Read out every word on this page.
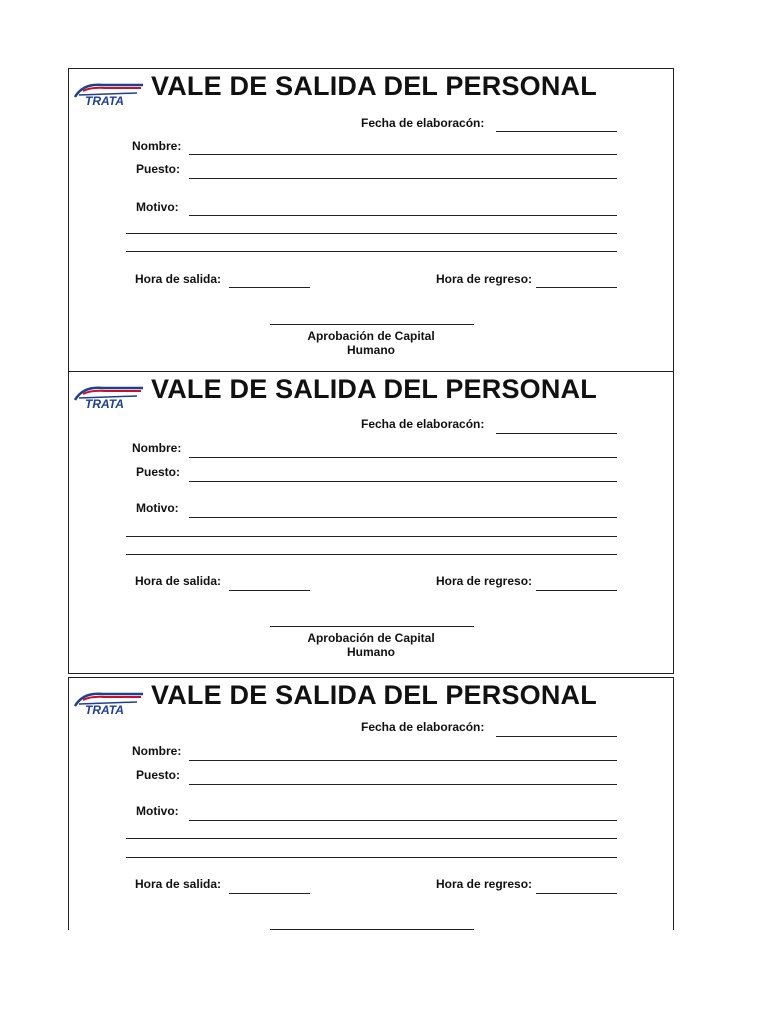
TRATA VALE DE SALIDA DEL PERSONAL
Fecha de elaboracón:
Nombre:
Puesto:
Motivo:
Hora de salida:	Hora de regreso:
Aprobación de Capital
Humano
TRATA VALE DE SALIDA DEL PERSONAL
Fecha de elaboracón:
Nombre:
Puesto:
Motivo:
Hora de salida:	Hora de regreso:
Aprobación de Capital
Humano
TRATA VALE DE SALIDA DEL PERSONAL
Fecha de elaboracón:
Nombre:
Puesto:
Motivo:
Hora de salida:	Hora de regreso:
